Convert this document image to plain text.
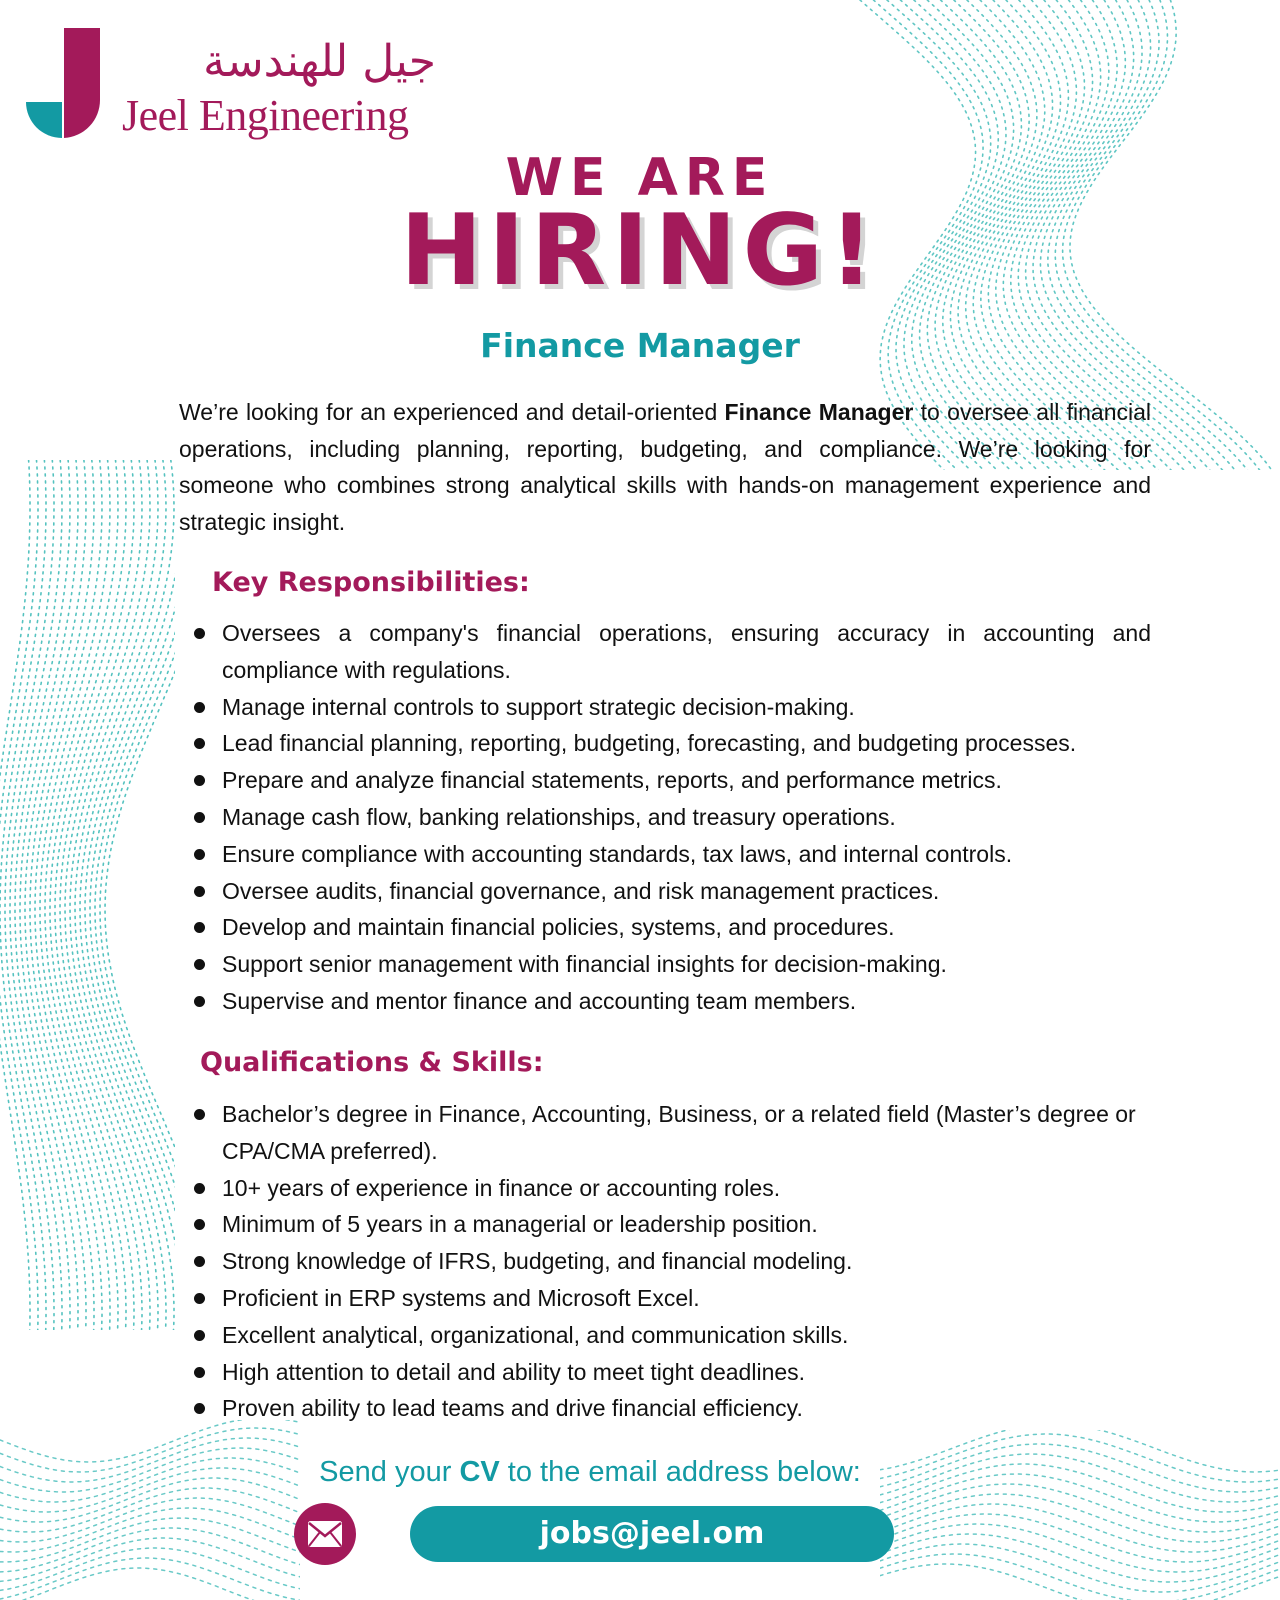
جيل للهندسة
Jeel Engineering
WE ARE
HIRING!
Finance Manager
We’re looking for an experienced and detail-oriented Finance Manager to oversee all financial operations, including planning, reporting, budgeting, and compliance. We’re looking for someone who combines strong analytical skills with hands-on management experience and strategic insight.
Key Responsibilities:
Oversees a company's financial operations, ensuring accuracy in accounting and compliance with regulations.
Manage internal controls to support strategic decision-making.
Lead financial planning, reporting, budgeting, forecasting, and budgeting processes.
Prepare and analyze financial statements, reports, and performance metrics.
Manage cash flow, banking relationships, and treasury operations.
Ensure compliance with accounting standards, tax laws, and internal controls.
Oversee audits, financial governance, and risk management practices.
Develop and maintain financial policies, systems, and procedures.
Support senior management with financial insights for decision-making.
Supervise and mentor finance and accounting team members.
Qualifications & Skills:
Bachelor’s degree in Finance, Accounting, Business, or a related field (Master’s degree or CPA/CMA preferred).
10+ years of experience in finance or accounting roles.
Minimum of 5 years in a managerial or leadership position.
Strong knowledge of IFRS, budgeting, and financial modeling.
Proficient in ERP systems and Microsoft Excel.
Excellent analytical, organizational, and communication skills.
High attention to detail and ability to meet tight deadlines.
Proven ability to lead teams and drive financial efficiency.
Send your CV to the email address below:
jobs@jeel.om
